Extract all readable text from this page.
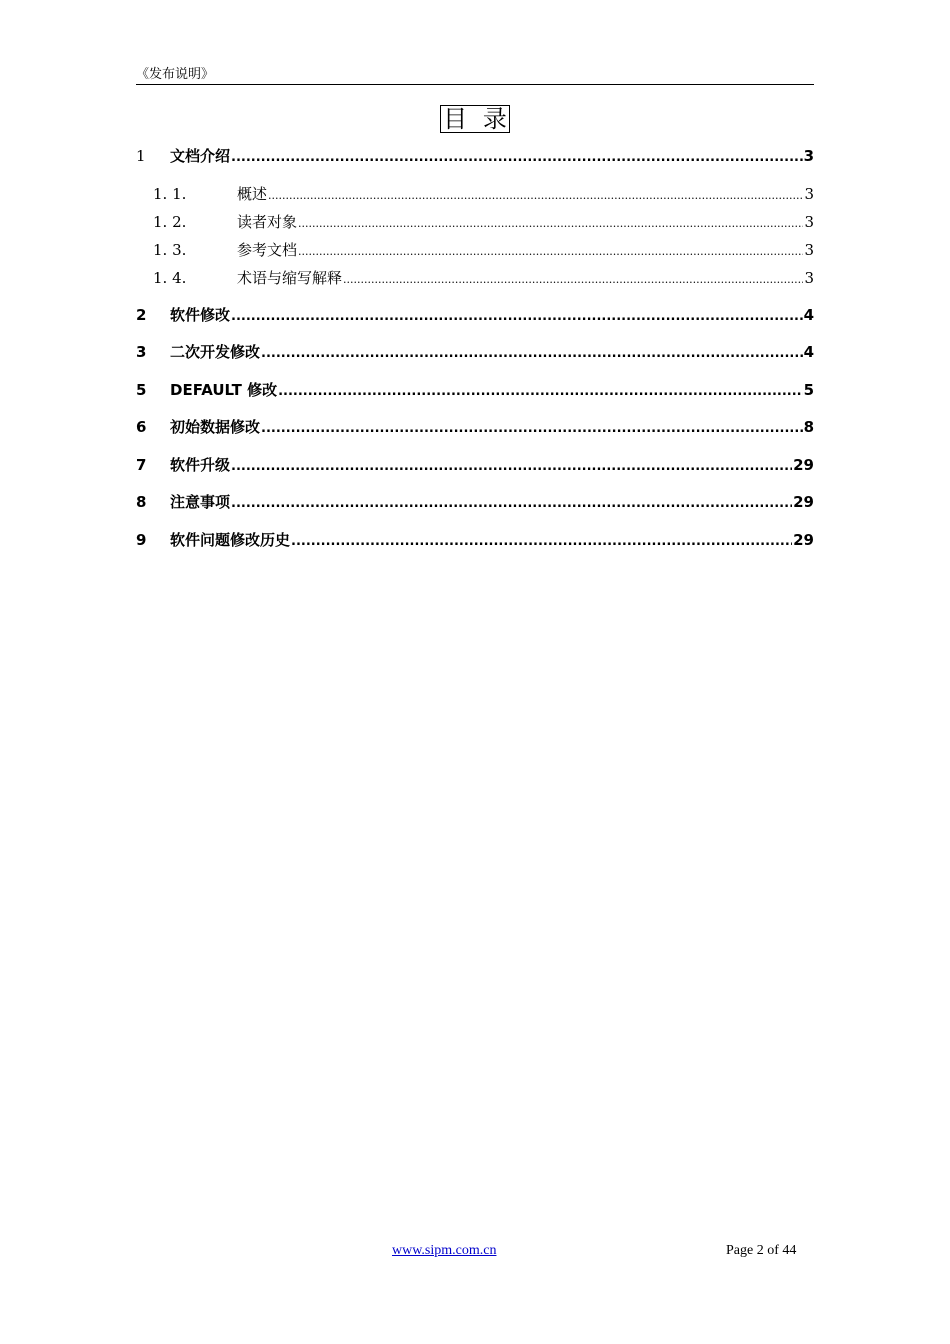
《发布说明》
目 录
1	文档介绍 .....	3
1. 1.	概述 .....	3
1. 2.	读者对象 .....	3
1. 3.	参考文档 .....	3
1. 4.	术语与缩写解释 .....	3
2	软件修改 .....	4
3	二次开发修改 .....	4
5	DEFAULT 修改 .....	5
6	初始数据修改 .....	8
7	软件升级 .....	29
8	注意事项 .....	29
9	软件问题修改历史 .....	29
www.sipm.com.cn	Page 2 of 44
